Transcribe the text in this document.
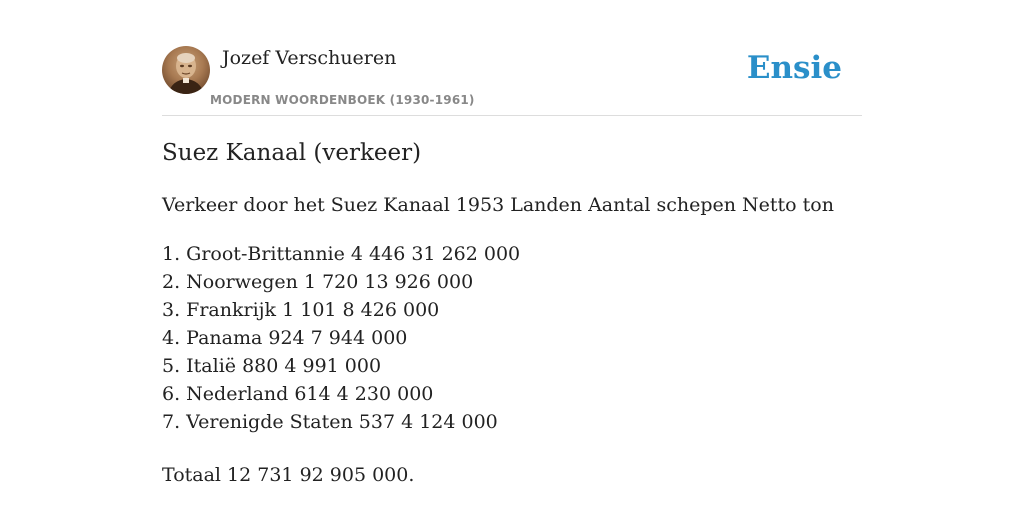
Jozef Verschueren
MODERN WOORDENBOEK (1930-1961)
Ensie
Suez Kanaal (verkeer)

Verkeer door het Suez Kanaal 1953 Landen Aantal schepen Netto ton

1. Groot-Brittannie 4 446 31 262 000
2. Noorwegen 1 720 13 926 000
3. Frankrijk 1 101 8 426 000
4. Panama 924 7 944 000
5. Italië 880 4 991 000
6. Nederland 614 4 230 000
7. Verenigde Staten 537 4 124 000

Totaal 12 731 92 905 000.
